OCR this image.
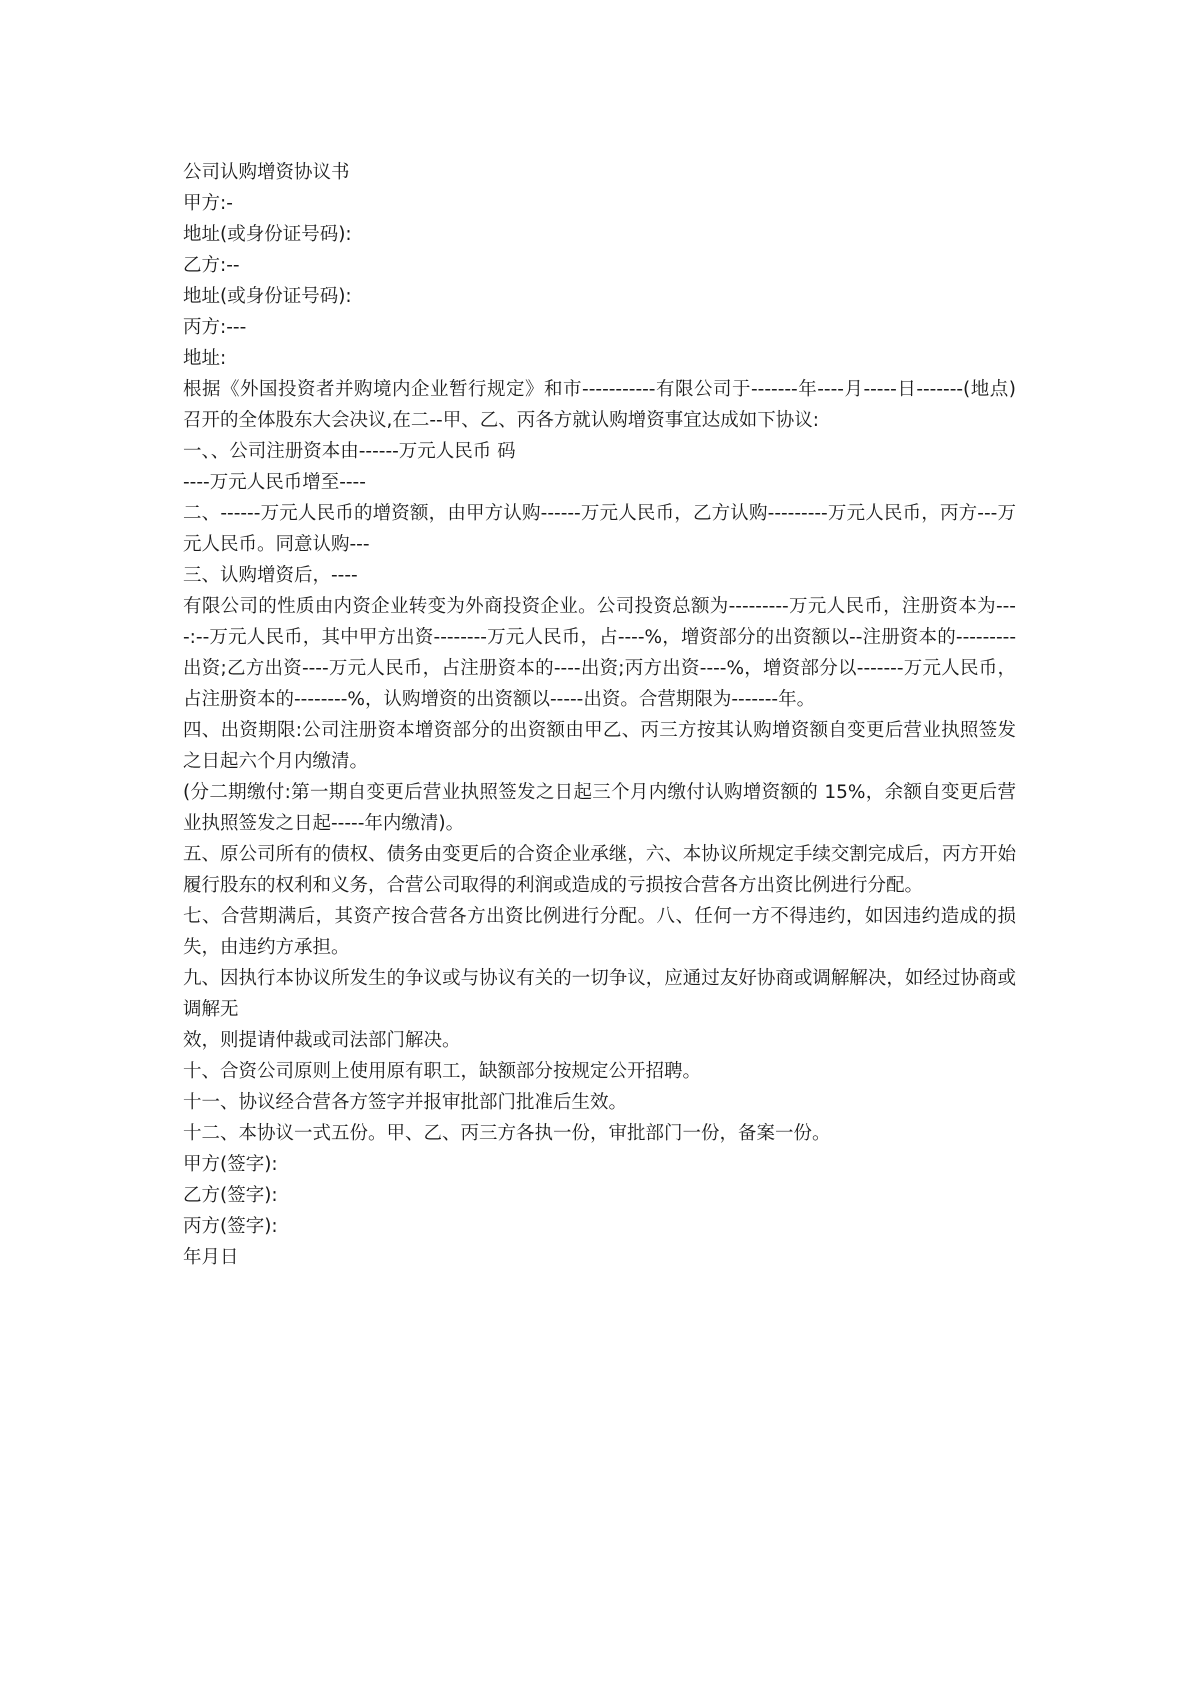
公司认购增资协议书

甲方:-

地址(或身份证号码):

乙方:--

地址(或身份证号码):

丙方:---

地址:

根据《外国投资者并购境内企业暂行规定》和市-----------有限公司于-------年----月-----日-------(地点)召开的全体股东大会决议,在二--甲、乙、丙各方就认购增资事宜达成如下协议:

一、、公司注册资本由------万元人民币 码

----万元人民币增至----

二、------万元人民币的增资额，由甲方认购------万元人民币，乙方认购---------万元人民币，丙方---万元人民币。同意认购---

三、认购增资后，----

有限公司的性质由内资企业转变为外商投资企业。公司投资总额为---------万元人民币，注册资本为----:--万元人民币，其中甲方出资--------万元人民币，占----%，增资部分的出资额以--注册资本的---------出资;乙方出资----万元人民币，占注册资本的----出资;丙方出资----%，增资部分以-------万元人民币，占注册资本的--------%，认购增资的出资额以-----出资。合营期限为-------年。

四、出资期限:公司注册资本增资部分的出资额由甲乙、丙三方按其认购增资额自变更后营业执照签发之日起六个月内缴清。

(分二期缴付:第一期自变更后营业执照签发之日起三个月内缴付认购增资额的 15%，余额自变更后营业执照签发之日起-----年内缴清)。

五、原公司所有的债权、债务由变更后的合资企业承继，六、本协议所规定手续交割完成后，丙方开始履行股东的权利和义务，合营公司取得的利润或造成的亏损按合营各方出资比例进行分配。

七、合营期满后，其资产按合营各方出资比例进行分配。八、任何一方不得违约，如因违约造成的损失，由违约方承担。

九、因执行本协议所发生的争议或与协议有关的一切争议，应通过友好协商或调解解决，如经过协商或调解无

效，则提请仲裁或司法部门解决。

十、合资公司原则上使用原有职工，缺额部分按规定公开招聘。

十一、协议经合营各方签字并报审批部门批准后生效。

十二、本协议一式五份。甲、乙、丙三方各执一份，审批部门一份，备案一份。

甲方(签字):

乙方(签字):

丙方(签字):

年月日
